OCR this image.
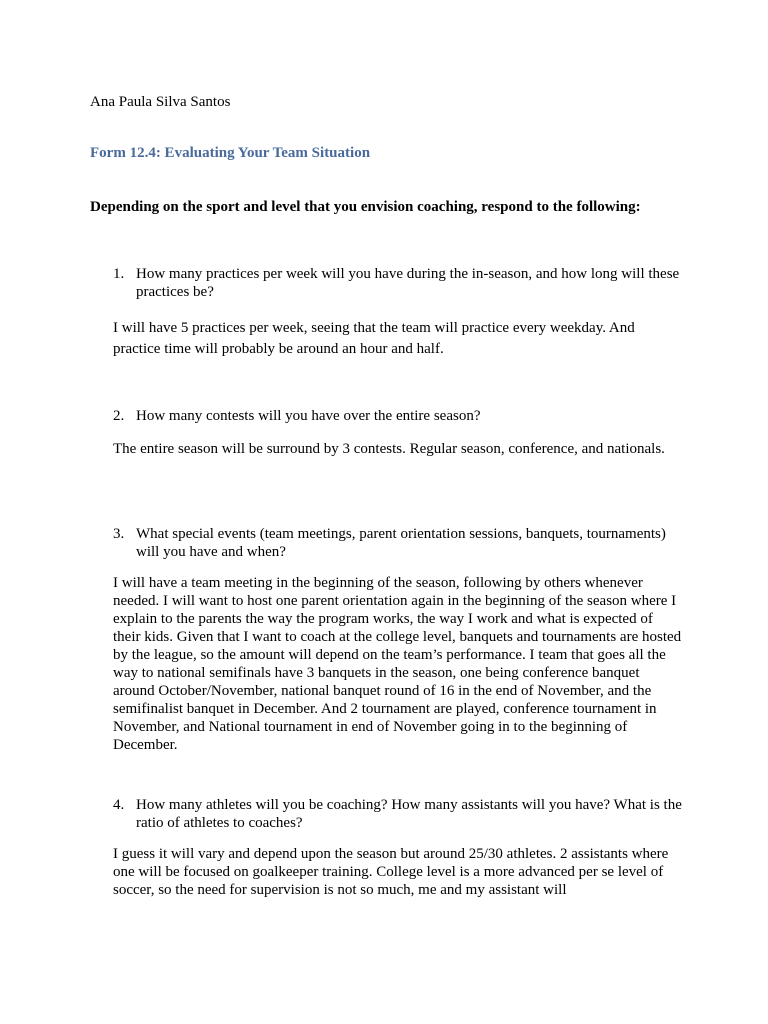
Ana Paula Silva Santos
Form 12.4: Evaluating Your Team Situation
Depending on the sport and level that you envision coaching, respond to the following:
1. How many practices per week will you have during the in-season, and how long will these practices be?
I will have 5 practices per week, seeing that the team will practice every weekday. And practice time will probably be around an hour and half.
2. How many contests will you have over the entire season?
The entire season will be surround by 3 contests. Regular season, conference, and nationals.
3. What special events (team meetings, parent orientation sessions, banquets, tournaments) will you have and when?
I will have a team meeting in the beginning of the season, following by others whenever needed. I will want to host one parent orientation again in the beginning of the season where I explain to the parents the way the program works, the way I work and what is expected of their kids. Given that I want to coach at the college level, banquets and tournaments are hosted by the league, so the amount will depend on the team’s performance. I team that goes all the way to national semifinals have 3 banquets in the season, one being conference banquet around October/November, national banquet round of 16 in the end of November, and the semifinalist banquet in December. And 2 tournament are played, conference tournament in November, and National tournament in end of November going in to the beginning of December.
4. How many athletes will you be coaching? How many assistants will you have? What is the ratio of athletes to coaches?
I guess it will vary and depend upon the season but around 25/30 athletes. 2 assistants where one will be focused on goalkeeper training. College level is a more advanced per se level of soccer, so the need for supervision is not so much, me and my assistant will
